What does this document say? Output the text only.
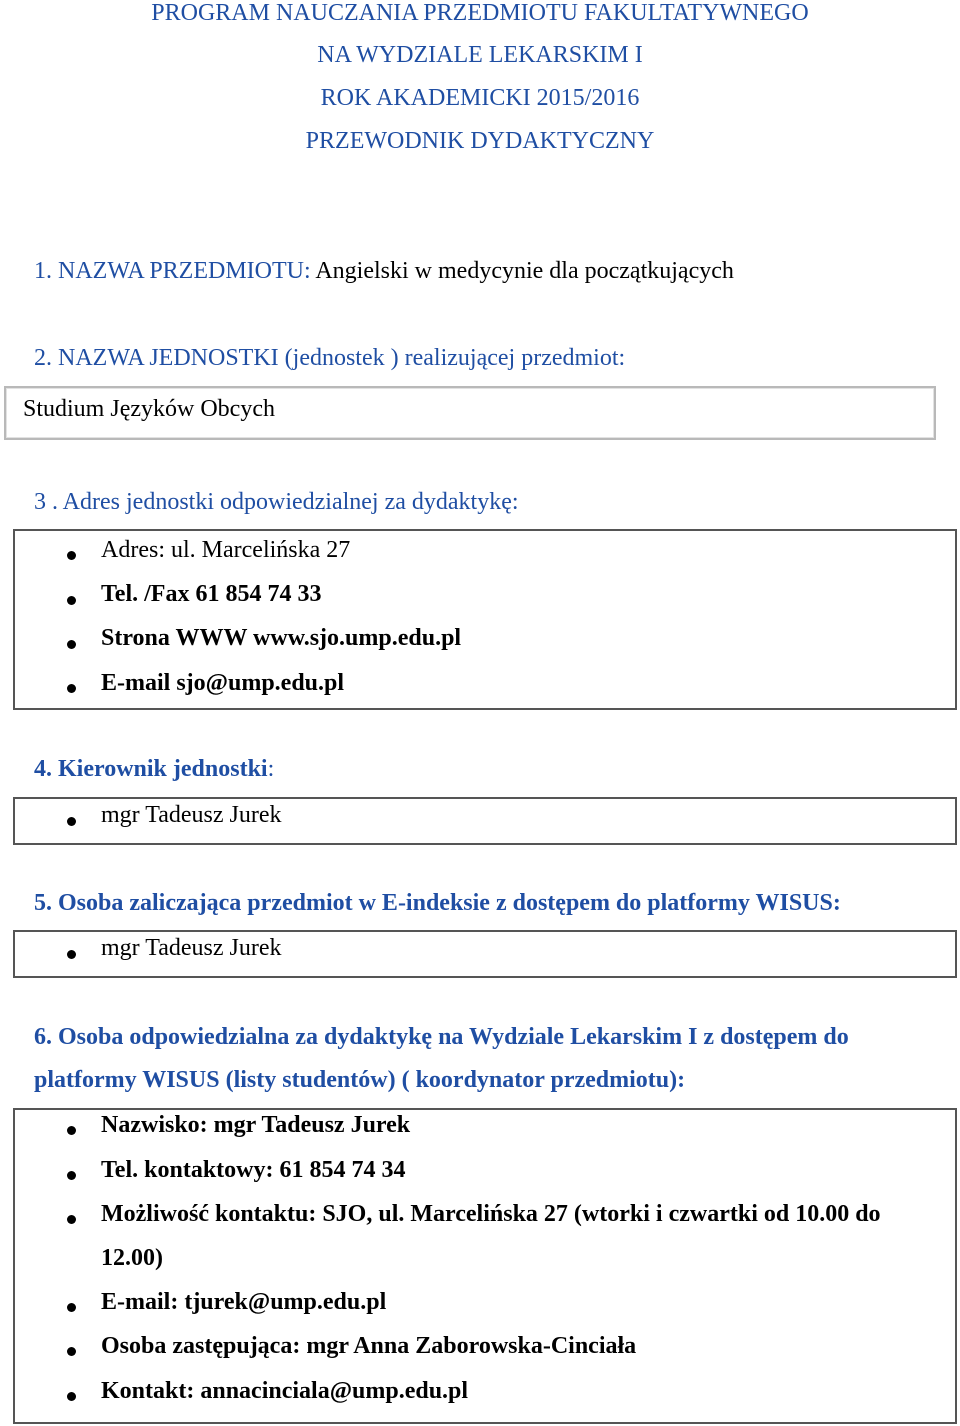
PROGRAM NAUCZANIA PRZEDMIOTU FAKULTATYWNEGO
NA WYDZIALE LEKARSKIM I
ROK AKADEMICKI 2015/2016
PRZEWODNIK DYDAKTYCZNY
1. NAZWA PRZEDMIOTU: Angielski w medycynie dla początkujących
2. NAZWA JEDNOSTKI (jednostek ) realizującej przedmiot:
Studium Języków Obcych
3 . Adres jednostki odpowiedzialnej za dydaktykę:
Adres: ul. Marcelińska 27
Tel. /Fax 61 854 74 33
Strona WWW www.sjo.ump.edu.pl
E-mail sjo@ump.edu.pl
4. Kierownik jednostki:
mgr Tadeusz Jurek
5. Osoba zaliczająca przedmiot w E-indeksie z dostępem do platformy WISUS:
mgr Tadeusz Jurek
6. Osoba odpowiedzialna za dydaktykę na Wydziale Lekarskim I z dostępem do
platformy WISUS (listy studentów) ( koordynator przedmiotu):
Nazwisko: mgr Tadeusz Jurek
Tel. kontaktowy: 61 854 74 34
Możliwość kontaktu: SJO, ul. Marcelińska 27 (wtorki i czwartki od 10.00 do
12.00)
E-mail: tjurek@ump.edu.pl
Osoba zastępująca: mgr Anna Zaborowska-Cinciała
Kontakt: annacinciala@ump.edu.pl
